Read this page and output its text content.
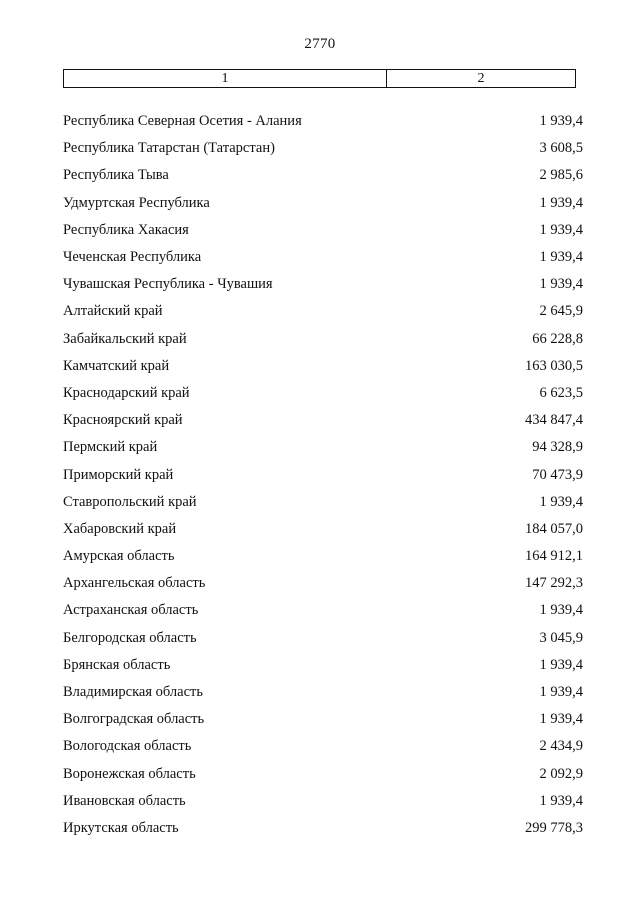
2770
1	2
Республика Северная Осетия - Алания	1 939,4
Республика Татарстан (Татарстан)	3 608,5
Республика Тыва	2 985,6
Удмуртская Республика	1 939,4
Республика Хакасия	1 939,4
Чеченская Республика	1 939,4
Чувашская Республика - Чувашия	1 939,4
Алтайский край	2 645,9
Забайкальский край	66 228,8
Камчатский край	163 030,5
Краснодарский край	6 623,5
Красноярский край	434 847,4
Пермский край	94 328,9
Приморский край	70 473,9
Ставропольский край	1 939,4
Хабаровский край	184 057,0
Амурская область	164 912,1
Архангельская область	147 292,3
Астраханская область	1 939,4
Белгородская область	3 045,9
Брянская область	1 939,4
Владимирская область	1 939,4
Волгоградская область	1 939,4
Вологодская область	2 434,9
Воронежская область	2 092,9
Ивановская область	1 939,4
Иркутская область	299 778,3
